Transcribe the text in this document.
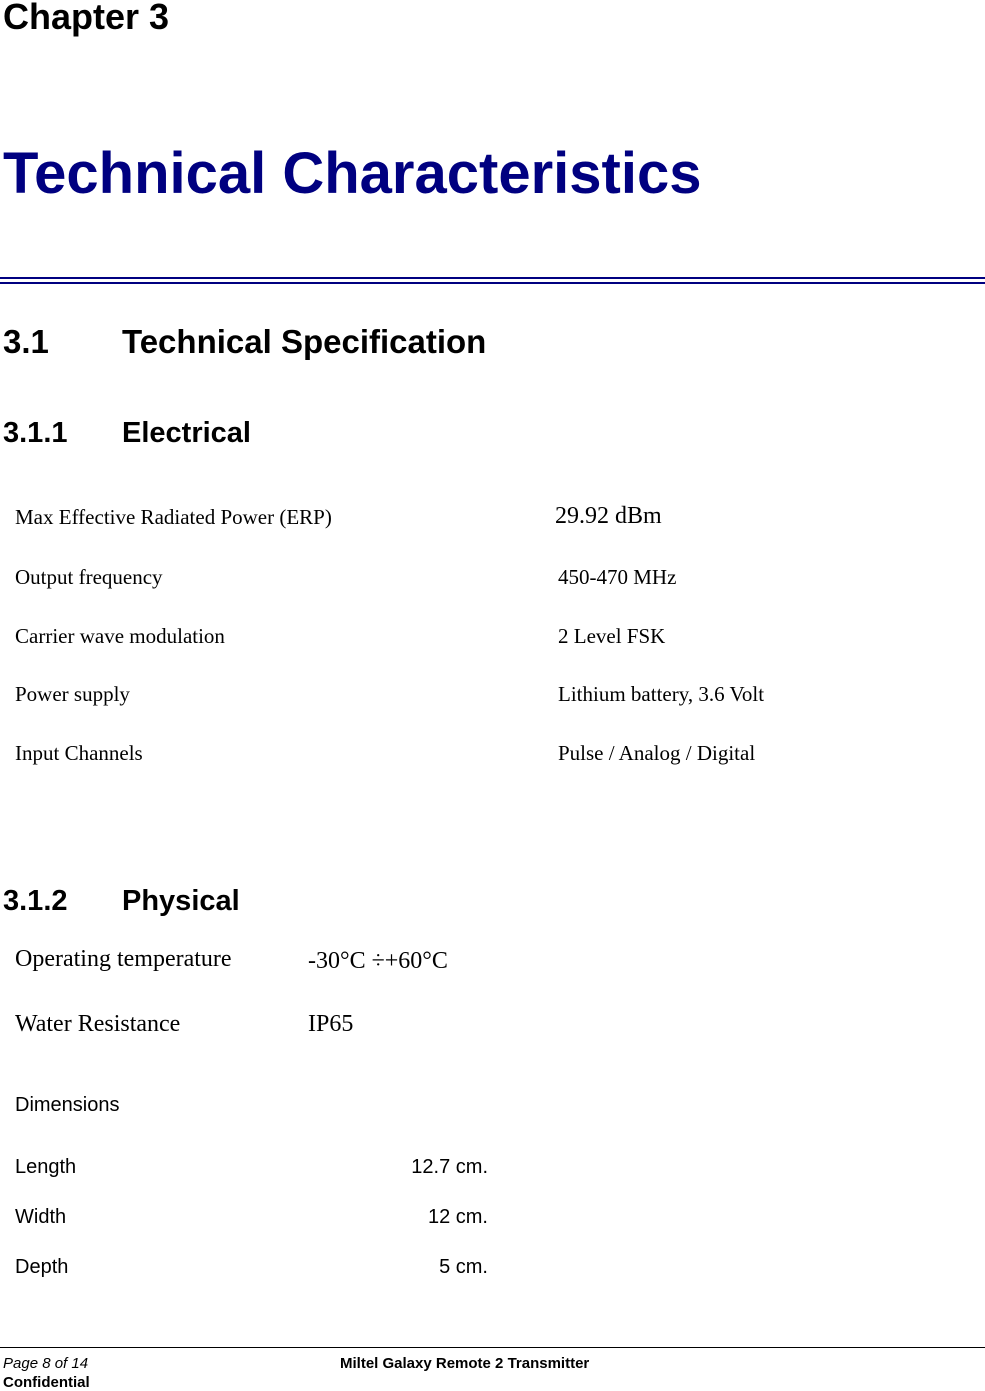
Chapter 3
Technical Characteristics
3.1 Technical Specification
3.1.1 Electrical
Max Effective Radiated Power (ERP)	29.92 dBm
Output frequency	450-470 MHz
Carrier wave modulation	2 Level FSK
Power supply	Lithium battery, 3.6 Volt
Input Channels	Pulse / Analog / Digital
3.1.2 Physical
Operating temperature	-30°C ÷+60°C
Water Resistance	IP65
Dimensions
Length	12.7 cm.
Width	12 cm.
Depth	5 cm.
Page 8 of 14	Miltel Galaxy Remote 2 Transmitter
Confidential
